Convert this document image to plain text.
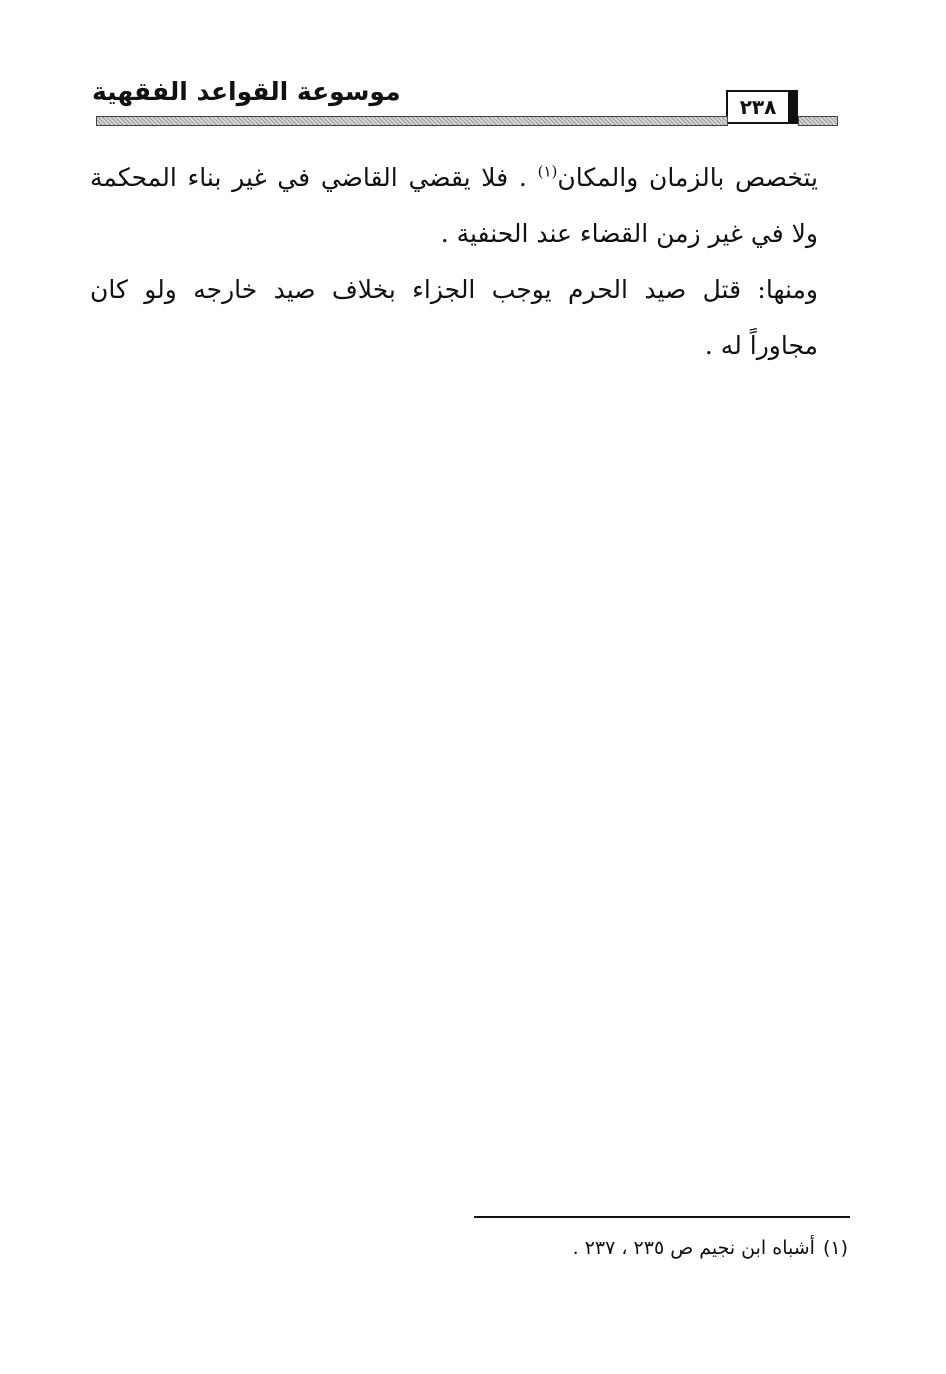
موسوعة القواعد الفقهية
٢٣٨
يتخصص بالزمان والمكان$^{(١)}$ . فلا يقضي القاضي في غير بناء المحكمة
ولا في غير زمن القضاء عند الحنفية .
ومنها: قتل صيد الحرم يوجب الجزاء بخلاف صيد خارجه ولو كان
مجاوراً له .
(١)أشباه ابن نجيم ص ٢٣٥ ، ٢٣٧ .
